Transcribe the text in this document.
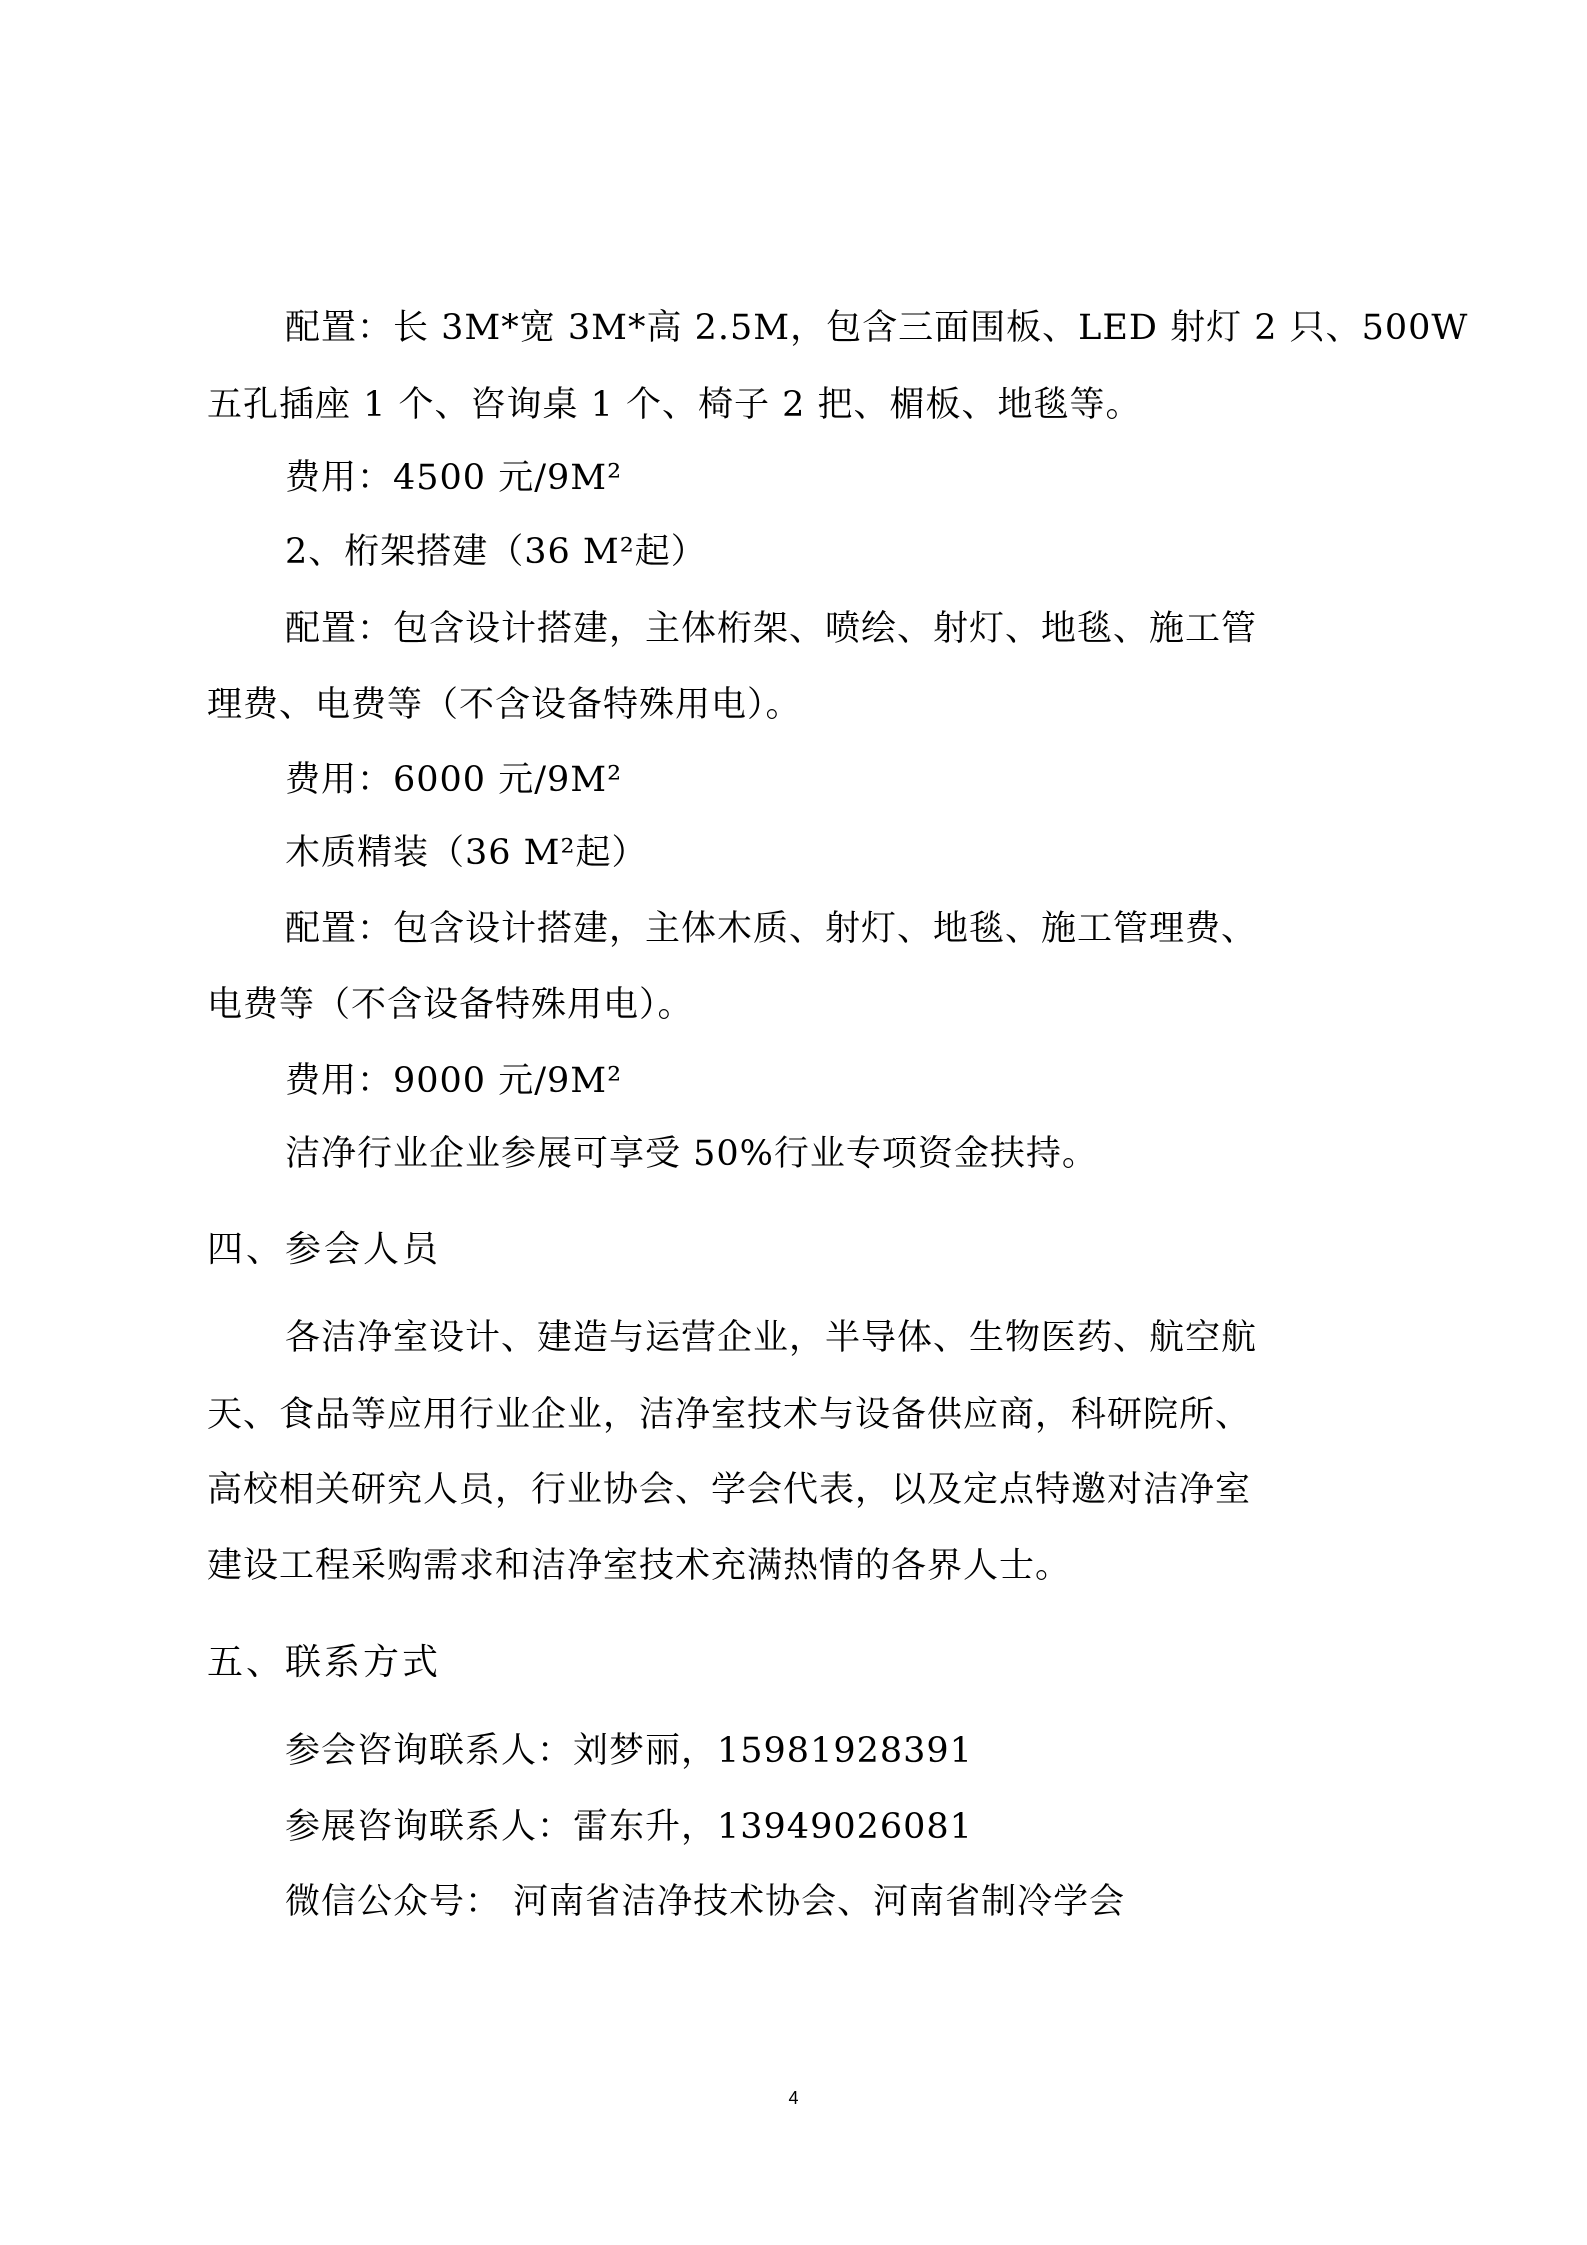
配置：长 3M*宽 3M*高 2.5M，包含三面围板、LED 射灯 2 只、500W
五孔插座 1 个、咨询桌 1 个、椅子 2 把、楣板、地毯等。
费用：4500 元/9M²
2、桁架搭建（36 M²起）
配置：包含设计搭建，主体桁架、喷绘、射灯、地毯、施工管
理费、电费等（不含设备特殊用电）。
费用：6000 元/9M²
木质精装（36 M²起）
配置：包含设计搭建，主体木质、射灯、地毯、施工管理费、
电费等（不含设备特殊用电）。
费用：9000 元/9M²
洁净行业企业参展可享受 50%行业专项资金扶持。
四、参会人员
各洁净室设计、建造与运营企业，半导体、生物医药、航空航
天、食品等应用行业企业，洁净室技术与设备供应商，科研院所、
高校相关研究人员，行业协会、学会代表，以及定点特邀对洁净室
建设工程采购需求和洁净室技术充满热情的各界人士。
五、联系方式
参会咨询联系人：刘梦丽，15981928391
参展咨询联系人：雷东升，13949026081
微信公众号： 河南省洁净技术协会、河南省制冷学会
4
